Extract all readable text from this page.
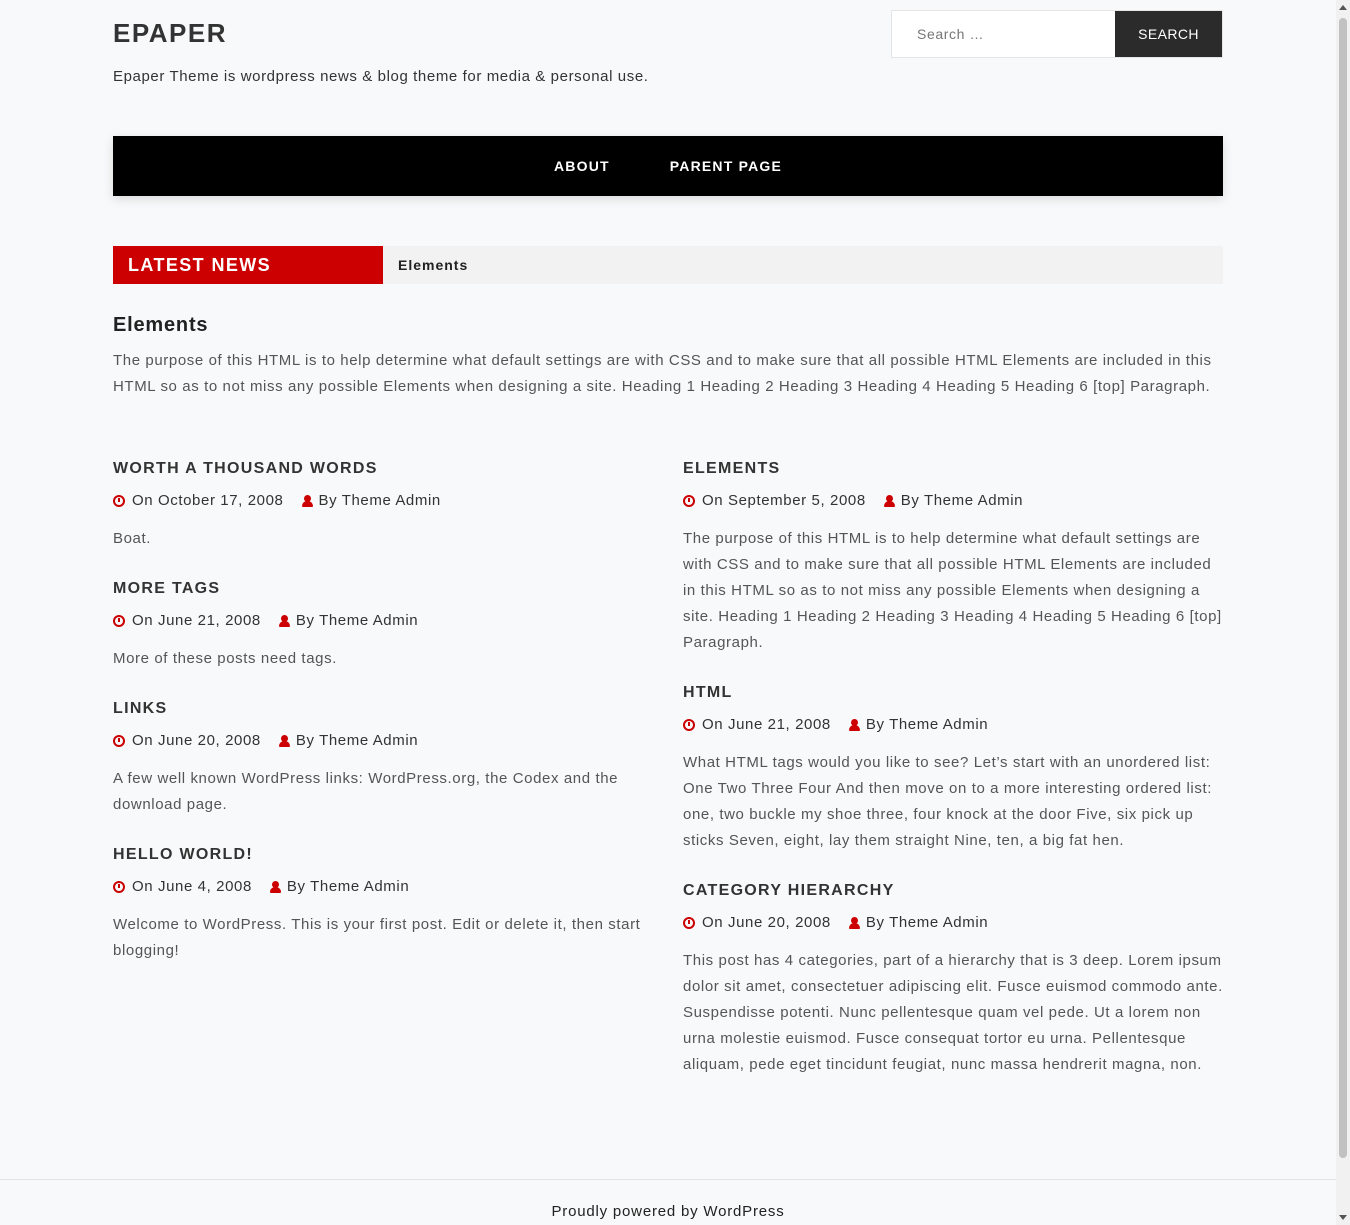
EPAPER
Epaper Theme is wordpress news & blog theme for media & personal use.
Search …
SEARCH
ABOUT	PARENT PAGE
LATEST NEWS	Elements
Elements
The purpose of this HTML is to help determine what default settings are with CSS and to make sure that all possible HTML Elements are included in this HTML so as to not miss any possible Elements when designing a site. Heading 1 Heading 2 Heading 3 Heading 4 Heading 5 Heading 6 [top] Paragraph.
WORTH A THOUSAND WORDS
On October 17, 2008 By Theme Admin
Boat.
MORE TAGS
On June 21, 2008 By Theme Admin
More of these posts need tags.
LINKS
On June 20, 2008 By Theme Admin
A few well known WordPress links: WordPress.org, the Codex and the download page.
HELLO WORLD!
On June 4, 2008 By Theme Admin
Welcome to WordPress. This is your first post. Edit or delete it, then start blogging!
ELEMENTS
On September 5, 2008 By Theme Admin
The purpose of this HTML is to help determine what default settings are with CSS and to make sure that all possible HTML Elements are included in this HTML so as to not miss any possible Elements when designing a site. Heading 1 Heading 2 Heading 3 Heading 4 Heading 5 Heading 6 [top] Paragraph.
HTML
On June 21, 2008 By Theme Admin
What HTML tags would you like to see? Let’s start with an unordered list: One Two Three Four And then move on to a more interesting ordered list: one, two buckle my shoe three, four knock at the door Five, six pick up sticks Seven, eight, lay them straight Nine, ten, a big fat hen.
CATEGORY HIERARCHY
On June 20, 2008 By Theme Admin
This post has 4 categories, part of a hierarchy that is 3 deep. Lorem ipsum dolor sit amet, consectetuer adipiscing elit. Fusce euismod commodo ante. Suspendisse potenti. Nunc pellentesque quam vel pede. Ut a lorem non urna molestie euismod. Fusce consequat tortor eu urna. Pellentesque aliquam, pede eget tincidunt feugiat, nunc massa hendrerit magna, non.
Proudly powered by WordPress
